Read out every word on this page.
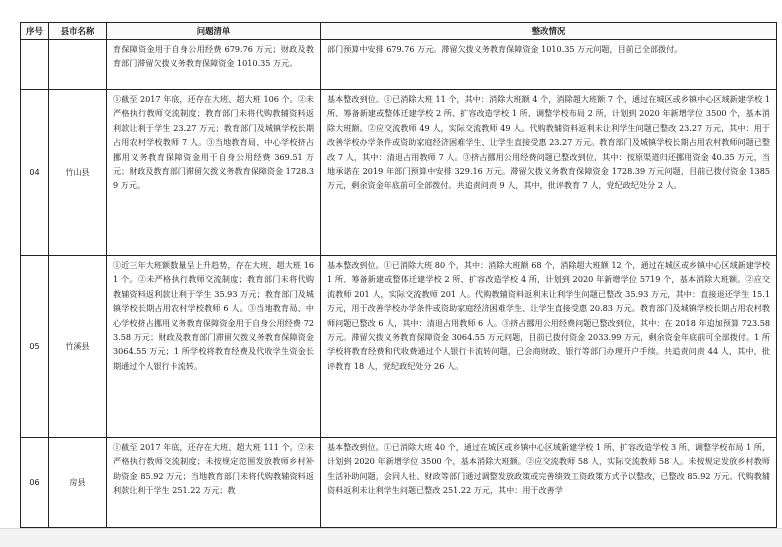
序号	县市名称	问题清单	整改情况
		育保障资金用于自身公用经费 679.76 万元；财政及教育部门滞留欠拨义务教育保障资金 1010.35 万元。	部门预算中安排 679.76 万元。滞留欠拨义务教育保障资金 1010.35 万元问题，目前已全部拨付。
04	竹山县	①截至 2017 年底，还存在大班、超大班 106 个。②未严格执行教师交流制度；教育部门未将代购教辅资料返利款让利于学生 23.27 万元；教育部门及城镇学校长期占用农村学校教师 7 人。③当地教育局、中心学校挤占挪用义务教育保障资金用于自身公用经费 369.51 万元；财政及教育部门滞留欠拨义务教育保障资金 1728.39 万元。	基本整改到位。①已消除大班 11 个，其中：消除大班额 4 个，消除超大班额 7 个，通过在城区或乡镇中心区域新建学校 1 所、筹备新建或整体迁建学校 2 所、扩容改造学校 1 所、调整学校布局 2 所，计划到 2020 年新增学位 3500 个，基本消除大班额。②应交流教师 49 人，实际交流教师 49 人。代购教辅资料返利未让利学生问题已整改 23.27 万元，其中：用于改善学校办学条件或资助家庭经济困难学生、让学生直接受惠 23.27 万元。教育部门及城镇学校长期占用农村教师问题已整改 7 人，其中：清退占用教师 7 人。③挤占挪用公用经费问题已整改到位，其中：按原渠道归还挪用资金 40.35 万元，当地承诺在 2019 年部门预算中安排 329.16 万元。滞留欠拨义务教育保障资金 1728.39 万元问题，目前已拨付资金 1385 万元，剩余资金年底前可全部拨付。共追责问责 9 人，其中，批评教育 7 人，党纪政纪处分 2 人。
05	竹溪县	①近三年大班额数量呈上升趋势，存在大班、超大班 161 个。②未严格执行教师交流制度；教育部门未将代购教辅资料返利款让利于学生 35.93 万元；教育部门及城镇学校长期占用农村学校教师 6 人。③当地教育局、中心学校挤占挪用义务教育保障资金用于自身公用经费 723.58 万元；财政及教育部门滞留欠拨义务教育保障资金 3064.55 万元；1 所学校将教育经费及代收学生资金长期通过个人银行卡流转。	基本整改到位。①已消除大班 80 个，其中：消除大班额 68 个，消除超大班额 12 个，通过在城区或乡镇中心区域新建学校 1 所、筹备新建或整体迁建学校 2 所、扩容改造学校 4 所，计划到 2020 年新增学位 5719 个，基本消除大班额。②应交流教师 201 人，实际交流教师 201 人。代购教辅资料返利未让利学生问题已整改 35.93 万元，其中：直接退还学生 15.1 万元，用于改善学校办学条件或资助家庭经济困难学生、让学生直接受惠 20.83 万元。教育部门及城镇学校长期占用农村教师问题已整改 6 人，其中：清退占用教师 6 人。③挤占挪用公用经费问题已整改到位，其中：在 2018 年追加预算 723.58 万元。滞留欠拨义务教育保障资金 3064.55 万元问题，目前已拨付资金 2033.99 万元，剩余资金年底前可全部拨付。1 所学校将教育经费和代收费通过个人银行卡流转问题，已会商财政、银行等部门办理开户手续。共追责问责 44 人，其中，批评教育 18 人，党纪政纪处分 26 人。
06	房县	①截至 2017 年底，还存在大班、超大班 111 个。②未严格执行教师交流制度；未按规定范围发放教师乡村补助资金 85.92 万元；当地教育部门未将代购教辅资料返利款让利于学生 251.22 万元；教	基本整改到位。①已消除大班 40 个，通过在城区或乡镇中心区域新建学校 1 所、扩容改造学校 3 所、调整学校布局 1 所，计划到 2020 年新增学位 3500 个，基本消除大班额。②应交流教师 58 人，实际交流教师 58 人。未按规定发放乡村教师生活补助问题，会同人社、财政等部门通过调整发放政策或完善绩效工资政策方式予以整改，已整改 85.92 万元。代购教辅资料返利未让利学生问题已整改 251.22 万元，其中：用于改善学
